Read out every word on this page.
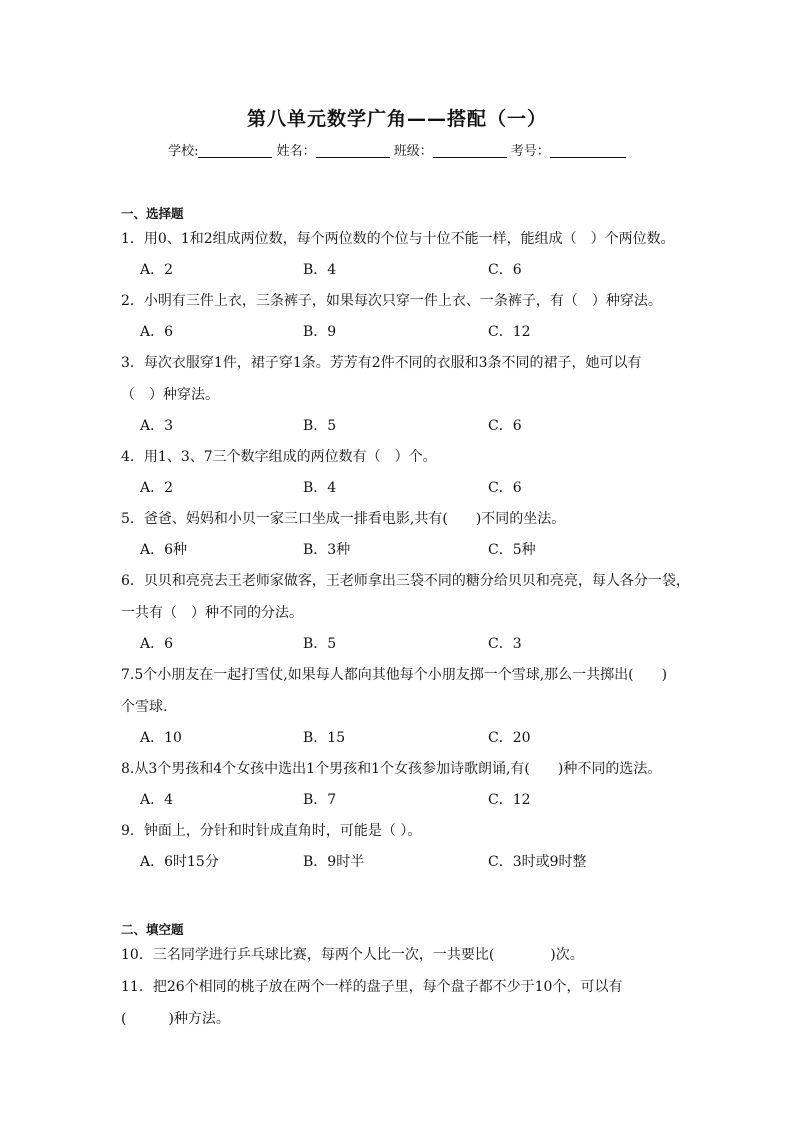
第八单元数学广角——搭配（一）
学校:	姓名：	班级：	考号：
一、选择题
1．用0、1和2组成两位数，每个两位数的个位与十位不能一样，能组成（　）个两位数。
A．2	B．4	C．6
2．小明有三件上衣，三条裤子，如果每次只穿一件上衣、一条裤子，有（　）种穿法。
A．6	B．9	C．12
3．每次衣服穿1件，裙子穿1条。芳芳有2件不同的衣服和3条不同的裙子，她可以有
（　）种穿法。
A．3	B．5	C．6
4．用1、3、7三个数字组成的两位数有（　）个。
A．2	B．4	C．6
5．爸爸、妈妈和小贝一家三口坐成一排看电影,共有(　　)不同的坐法。
A．6种	B．3种	C．5种
6．贝贝和亮亮去王老师家做客，王老师拿出三袋不同的糖分给贝贝和亮亮，每人各分一袋，
一共有（　）种不同的分法。
A．6	B．5	C．3
7.5个小朋友在一起打雪仗,如果每人都向其他每个小朋友掷一个雪球,那么一共掷出(　　)
个雪球.
A．10	B．15	C．20
8.从3个男孩和4个女孩中选出1个男孩和1个女孩参加诗歌朗诵,有(　　)种不同的选法。
A．4	B．7	C．12
9．钟面上，分针和时针成直角时，可能是（ ）。
A．6时15分	B．9时半	C．3时或9时整
二、填空题
10．三名同学进行乒乓球比赛，每两个人比一次，一共要比(　　　　)次。
11．把26个相同的桃子放在两个一样的盘子里，每个盘子都不少于10个，可以有
(　　　)种方法。
